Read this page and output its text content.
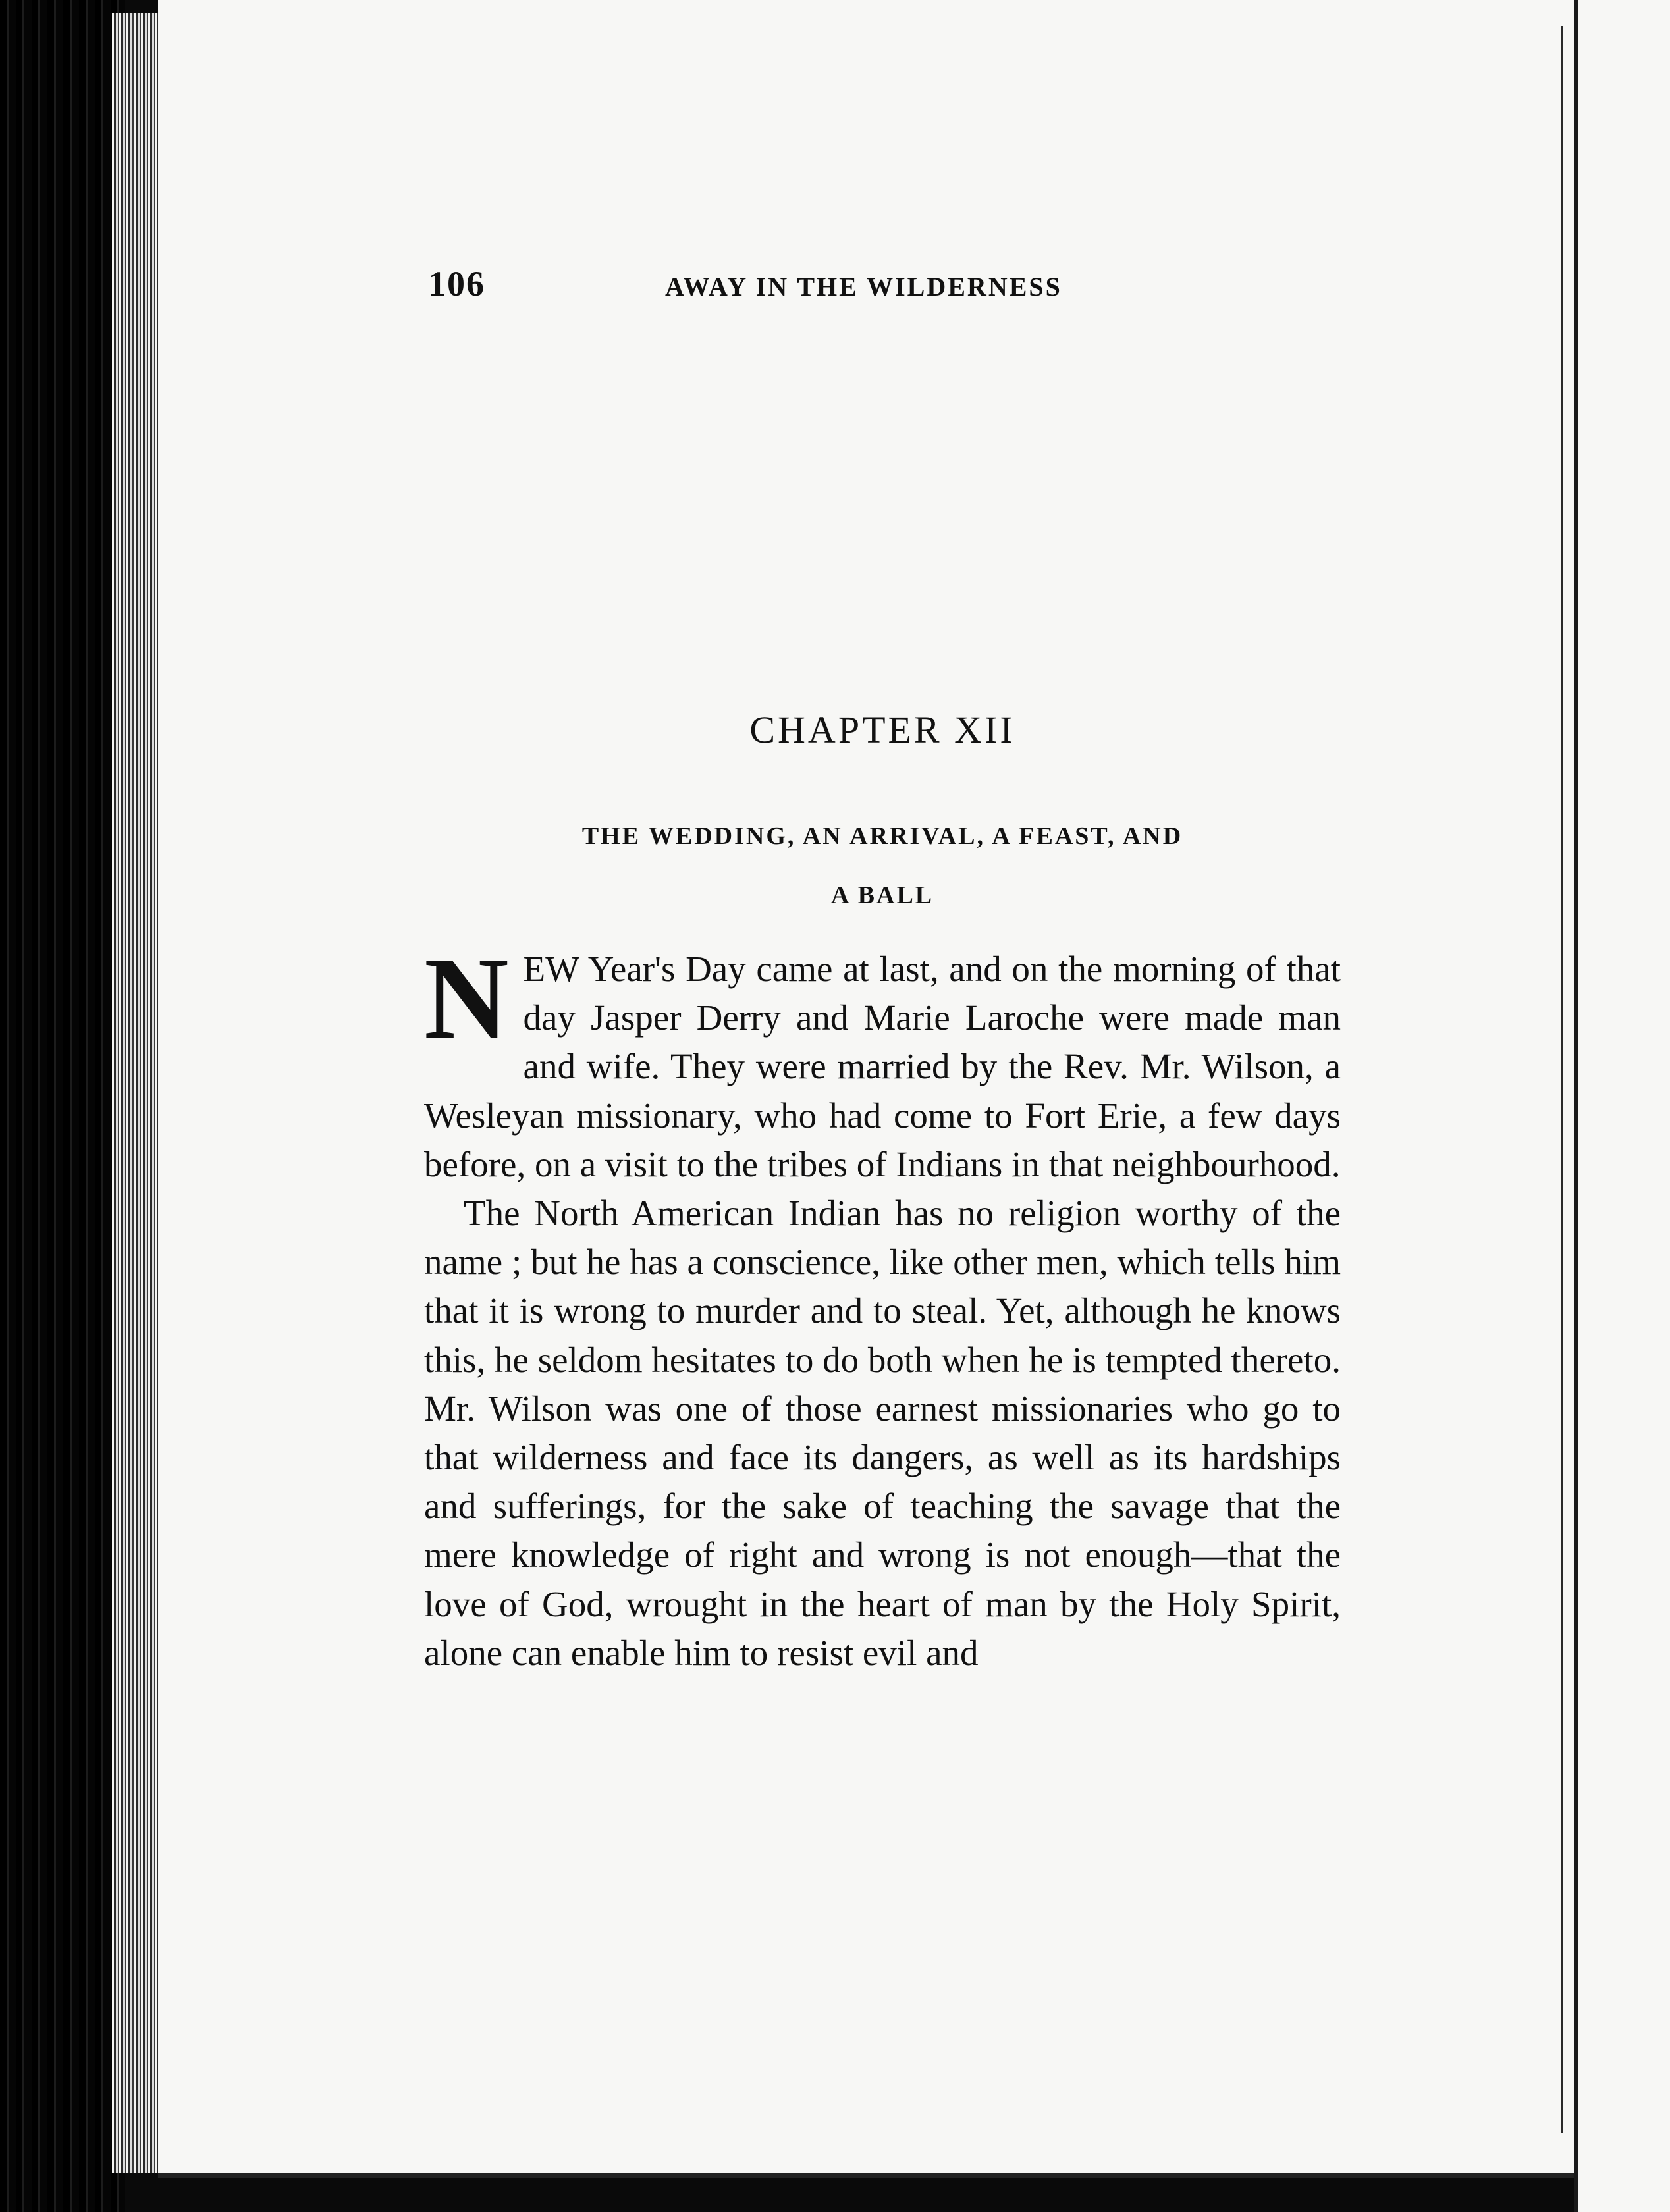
106	AWAY IN THE WILDERNESS
CHAPTER XII
THE WEDDING, AN ARRIVAL, A FEAST, AND
A BALL

NEW Year's Day came at last, and on the morning of that day Jasper Derry and Marie Laroche were made man and wife. They were married by the Rev. Mr. Wilson, a Wesleyan missionary, who had come to Fort Erie, a few days before, on a visit to the tribes of Indians in that neighbourhood.

The North American Indian has no religion worthy of the name ; but he has a conscience, like other men, which tells him that it is wrong to murder and to steal. Yet, although he knows this, he seldom hesitates to do both when he is tempted thereto. Mr. Wilson was one of those earnest missionaries who go to that wilderness and face its dangers, as well as its hardships and sufferings, for the sake of teaching the savage that the mere knowledge of right and wrong is not enough—that the love of God, wrought in the heart of man by the Holy Spirit, alone can enable him to resist evil and
